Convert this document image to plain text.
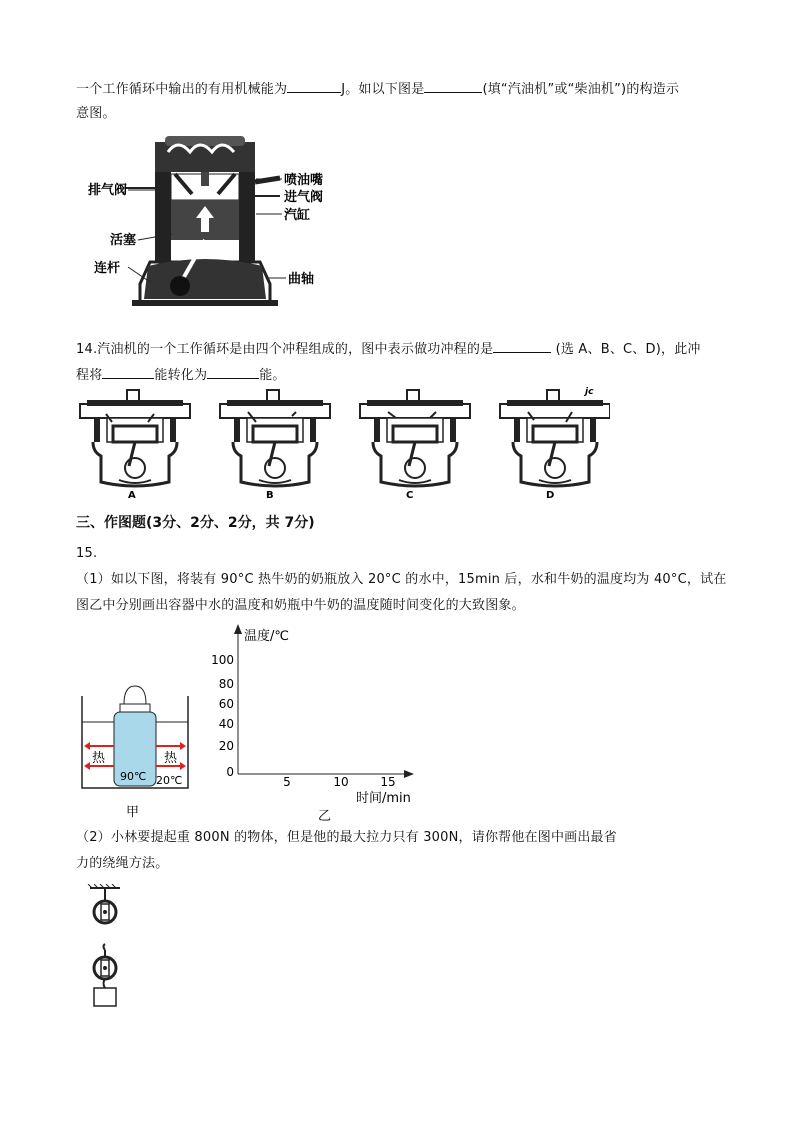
一个工作循环中输出的有用机械能为	J。如以下图是	(填“汽油机”或“柴油机”)的构造示
意图。
排气阀
活塞
连杆
喷油嘴
进气阀
汽缸
曲轴
14.汽油机的一个工作循环是由四个冲程组成的，图中表示做功冲程的是	(选 A、B、C、D)，此冲
程将	能转化为	能。
A	B	C	D
jc
三、作图题(3分、2分、2分，共 7分)
15.
（1）如以下图，将装有 90°C 热牛奶的奶瓶放入 20°C 的水中，15min 后，水和牛奶的温度均为 40°C，试在
图乙中分别画出容器中水的温度和奶瓶中牛奶的温度随时间变化的大致图象。
热	热
90℃ 20℃
甲
100
80
60
40
20
0
5	10	15
时间/min
温度/℃
乙
（2）小林要提起重 800N 的物体，但是他的最大拉力只有 300N，请你帮他在图中画出最省
力的绕绳方法。
